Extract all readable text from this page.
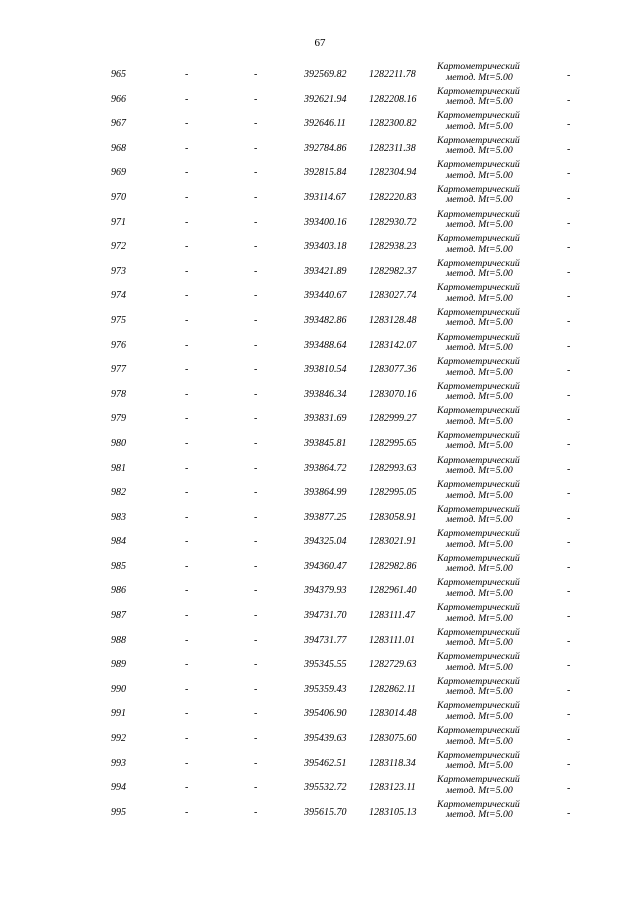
67
965	-	-	392569.82 1282211.78
Картометрический
метод. Mt=5.00	-
966	-	-	392621.94 1282208.16
Картометрический
метод. Mt=5.00	-
967	-	-	392646.11 1282300.82
Картометрический
метод. Mt=5.00	-
968	-	-	392784.86 1282311.38
Картометрический
метод. Mt=5.00	-
969	-	-	392815.84 1282304.94
Картометрический
метод. Mt=5.00	-
970	-	-	393114.67 1282220.83
Картометрический
метод. Mt=5.00	-
971	-	-	393400.16 1282930.72
Картометрический
метод. Mt=5.00	-
972	-	-	393403.18 1282938.23
Картометрический
метод. Mt=5.00	-
973	-	-	393421.89 1282982.37
Картометрический
метод. Mt=5.00	-
974	-	-	393440.67 1283027.74
Картометрический
метод. Mt=5.00	-
975	-	-	393482.86 1283128.48
Картометрический
метод. Mt=5.00	-
976	-	-	393488.64 1283142.07
Картометрический
метод. Mt=5.00	-
977	-	-	393810.54 1283077.36
Картометрический
метод. Mt=5.00	-
978	-	-	393846.34 1283070.16
Картометрический
метод. Mt=5.00	-
979	-	-	393831.69 1282999.27
Картометрический
метод. Mt=5.00	-
980	-	-	393845.81 1282995.65
Картометрический
метод. Mt=5.00	-
981	-	-	393864.72 1282993.63
Картометрический
метод. Mt=5.00	-
982	-	-	393864.99 1282995.05
Картометрический
метод. Mt=5.00	-
983	-	-	393877.25 1283058.91
Картометрический
метод. Mt=5.00	-
984	-	-	394325.04 1283021.91
Картометрический
метод. Mt=5.00	-
985	-	-	394360.47 1282982.86
Картометрический
метод. Mt=5.00	-
986	-	-	394379.93 1282961.40
Картометрический
метод. Mt=5.00	-
987	-	-	394731.70 1283111.47
Картометрический
метод. Mt=5.00	-
988	-	-	394731.77 1283111.01
Картометрический
метод. Mt=5.00	-
989	-	-	395345.55 1282729.63
Картометрический
метод. Mt=5.00	-
990	-	-	395359.43 1282862.11
Картометрический
метод. Mt=5.00	-
991	-	-	395406.90 1283014.48
Картометрический
метод. Mt=5.00	-
992	-	-	395439.63 1283075.60
Картометрический
метод. Mt=5.00	-
993	-	-	395462.51 1283118.34
Картометрический
метод. Mt=5.00	-
994	-	-	395532.72 1283123.11
Картометрический
метод. Mt=5.00	-
995	-	-	395615.70 1283105.13
Картометрический
метод. Mt=5.00	-
